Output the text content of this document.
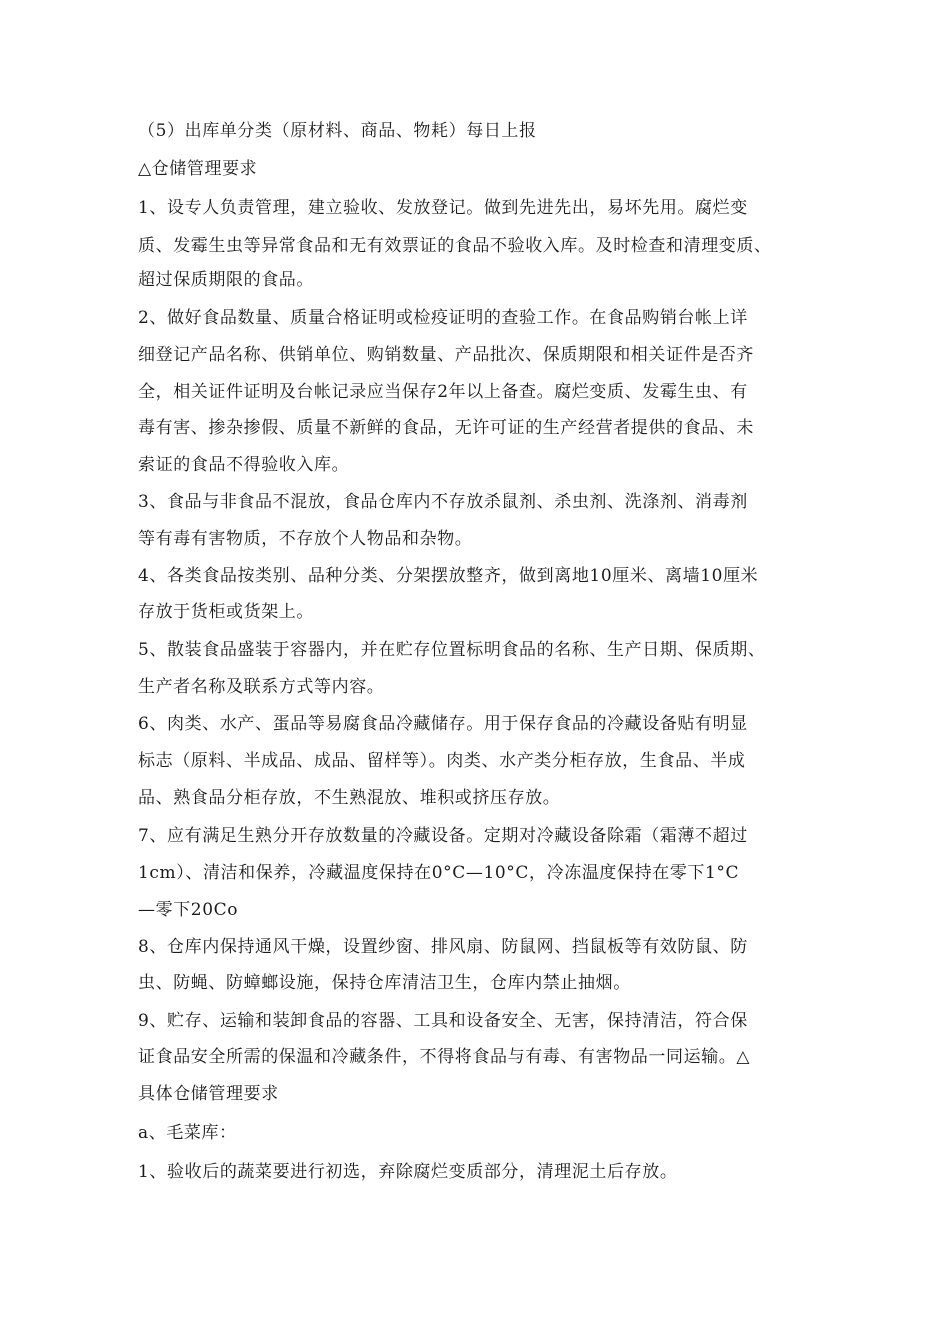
（5）出库单分类（原材料、商品、物耗）每日上报
△仓储管理要求
1、设专人负责管理，建立验收、发放登记。做到先进先出，易坏先用。腐烂变
质、发霉生虫等异常食品和无有效票证的食品不验收入库。及时检查和清理变质、
超过保质期限的食品。
2、做好食品数量、质量合格证明或检疫证明的查验工作。在食品购销台帐上详
细登记产品名称、供销单位、购销数量、产品批次、保质期限和相关证件是否齐
全，相关证件证明及台帐记录应当保存2年以上备查。腐烂变质、发霉生虫、有
毒有害、掺杂掺假、质量不新鲜的食品，无许可证的生产经营者提供的食品、未
索证的食品不得验收入库。
3、食品与非食品不混放，食品仓库内不存放杀鼠剂、杀虫剂、洗涤剂、消毒剂
等有毒有害物质，不存放个人物品和杂物。
4、各类食品按类别、品种分类、分架摆放整齐，做到离地10厘米、离墙10厘米
存放于货柜或货架上。
5、散装食品盛装于容器内，并在贮存位置标明食品的名称、生产日期、保质期、
生产者名称及联系方式等内容。
6、肉类、水产、蛋品等易腐食品冷藏储存。用于保存食品的冷藏设备贴有明显
标志（原料、半成品、成品、留样等）。肉类、水产类分柜存放，生食品、半成
品、熟食品分柜存放，不生熟混放、堆积或挤压存放。
7、应有满足生熟分开存放数量的冷藏设备。定期对冷藏设备除霜（霜薄不超过
1cm）、清洁和保养，冷藏温度保持在0°C—10°C，冷冻温度保持在零下1°C
—零下20Co
8、仓库内保持通风干燥，设置纱窗、排风扇、防鼠网、挡鼠板等有效防鼠、防
虫、防蝇、防蟑螂设施，保持仓库清洁卫生，仓库内禁止抽烟。
9、贮存、运输和装卸食品的容器、工具和设备安全、无害，保持清洁，符合保
证食品安全所需的保温和冷藏条件，不得将食品与有毒、有害物品一同运输。△
具体仓储管理要求
a、毛菜库：
1、验收后的蔬菜要进行初选，弃除腐烂变质部分，清理泥土后存放。
